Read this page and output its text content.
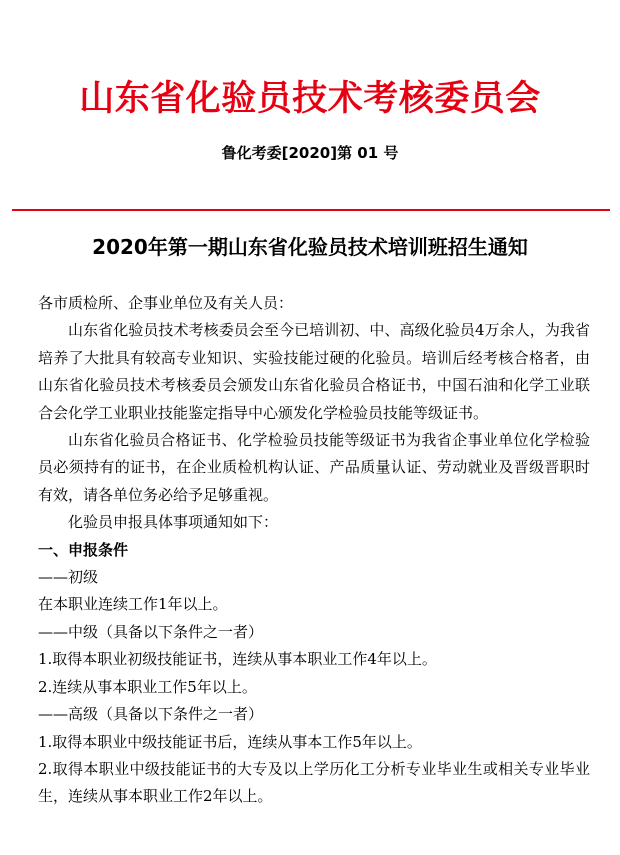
山东省化验员技术考核委员会
鲁化考委[2020]第 01 号
2020年第一期山东省化验员技术培训班招生通知

各市质检所、企事业单位及有关人员：

山东省化验员技术考核委员会至今已培训初、中、高级化验员4万余人，为我省培养了大批具有较高专业知识、实验技能过硬的化验员。培训后经考核合格者，由山东省化验员技术考核委员会颁发山东省化验员合格证书，中国石油和化学工业联合会化学工业职业技能鉴定指导中心颁发化学检验员技能等级证书。

山东省化验员合格证书、化学检验员技能等级证书为我省企事业单位化学检验员必须持有的证书，在企业质检机构认证、产品质量认证、劳动就业及晋级晋职时有效，请各单位务必给予足够重视。

化验员申报具体事项通知如下：

一、申报条件

——初级

在本职业连续工作1年以上。

——中级（具备以下条件之一者）

1.取得本职业初级技能证书，连续从事本职业工作4年以上。

2.连续从事本职业工作5年以上。

——高级（具备以下条件之一者）

1.取得本职业中级技能证书后，连续从事本工作5年以上。

2.取得本职业中级技能证书的大专及以上学历化工分析专业毕业生或相关专业毕业生，连续从事本职业工作2年以上。
